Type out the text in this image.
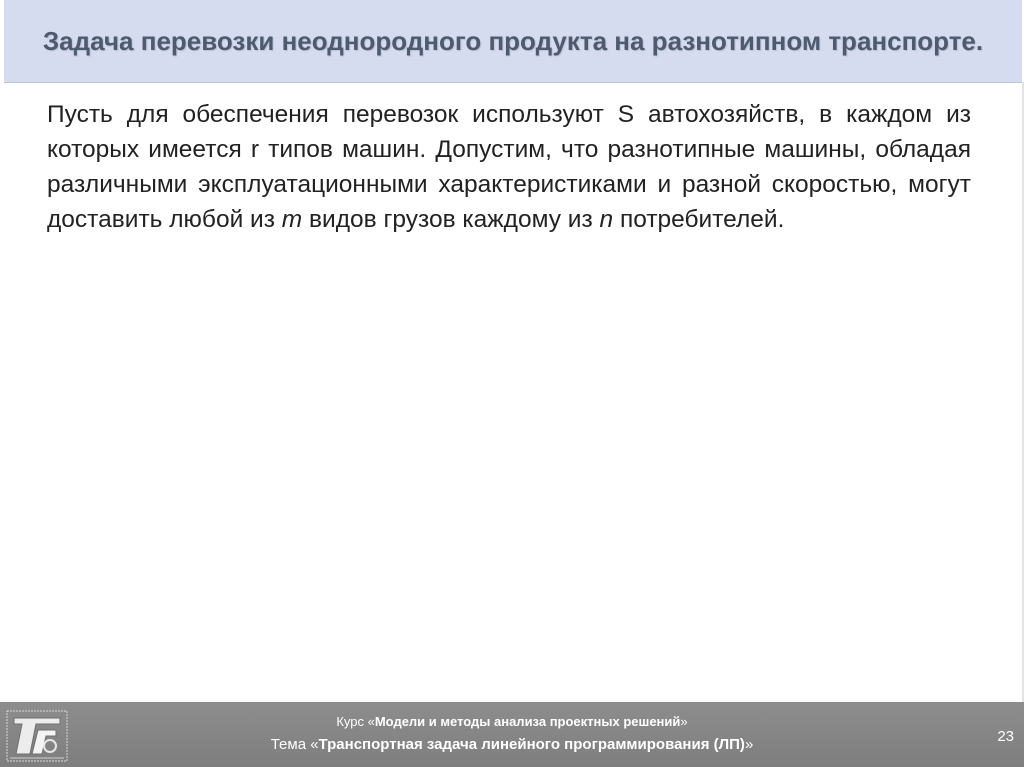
Задача перевозки неоднородного продукта на разнотипном транспорте.

Пусть для обеспечения перевозок используют S автохозяйств, в каждом из которых имеется r типов машин. Допустим, что разнотипные машины, обладая различными эксплуатационными характеристиками и разной скоростью, могут доставить любой из m видов грузов каждому из n потребителей.

Курс «Модели и методы анализа проектных решений»
Тема «Транспортная задача линейного программирования (ЛП)»	23
